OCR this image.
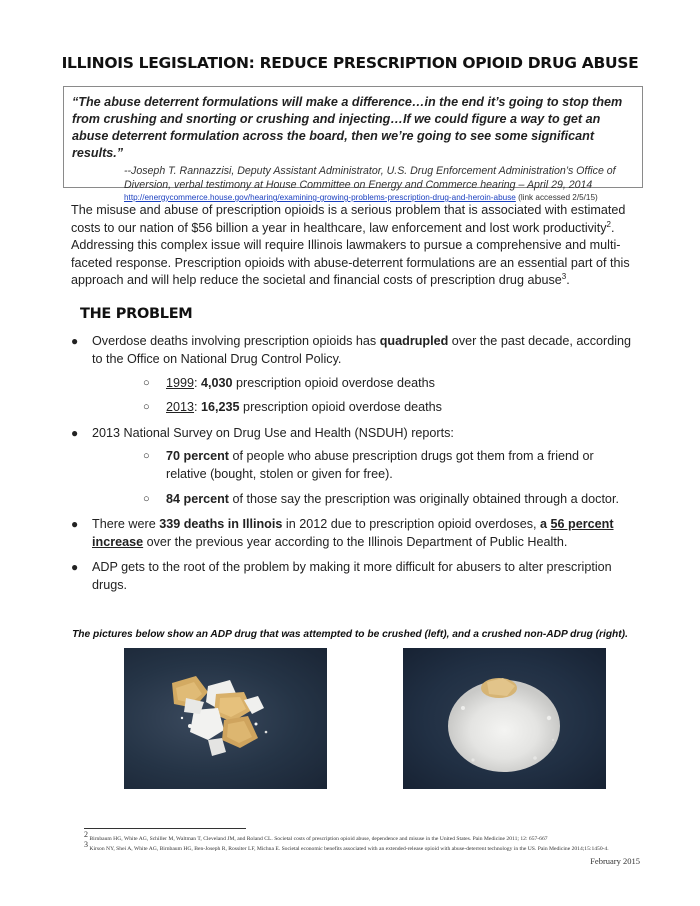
ILLINOIS LEGISLATION: REDUCE PRESCRIPTION OPIOID DRUG ABUSE
“The abuse deterrent formulations will make a difference…in the end it’s going to stop them from crushing and snorting or crushing and injecting…If we could figure a way to get an abuse deterrent formulation across the board, then we’re going to see some significant results.”
--Joseph T. Rannazzisi, Deputy Assistant Administrator, U.S. Drug Enforcement Administration’s Office of Diversion, verbal testimony at House Committee on Energy and Commerce hearing – April 29, 2014
http://energycommerce.house.gov/hearing/examining-growing-problems-prescription-drug-and-heroin-abuse (link accessed 2/5/15)
The misuse and abuse of prescription opioids is a serious problem that is associated with estimated costs to our nation of $56 billion a year in healthcare, law enforcement and lost work productivity$^2$. Addressing this complex issue will require Illinois lawmakers to pursue a comprehensive and multi-faceted response. Prescription opioids with abuse-deterrent formulations are an essential part of this approach and will help reduce the societal and financial costs of prescription drug abuse$^3$.
THE PROBLEM
● Overdose deaths involving prescription opioids has quadrupled over the past decade, according to the Office on National Drug Control Policy.
○ 1999: 4,030 prescription opioid overdose deaths
○ 2013: 16,235 prescription opioid overdose deaths
● 2013 National Survey on Drug Use and Health (NSDUH) reports:
○ 70 percent of people who abuse prescription drugs got them from a friend or relative (bought, stolen or given for free).
○ 84 percent of those say the prescription was originally obtained through a doctor.
● There were 339 deaths in Illinois in 2012 due to prescription opioid overdoses, a 56 percent increase over the previous year according to the Illinois Department of Public Health.
● ADP gets to the root of the problem by making it more difficult for abusers to alter prescription drugs.
The pictures below show an ADP drug that was attempted to be crushed (left), and a crushed non-ADP drug (right).
$^2$ Birnbaum HG, White AG, Schiller M, Waltman T, Cleveland JM, and Roland CL. Societal costs of prescription opioid abuse, dependence and misuse in the United States. Pain Medicine 2011; 12: 657-667
$^3$ Kirson NY, Shei A, White AG, Birnbaum HG, Ben-Joseph R, Rossiter LF, Michna E. Societal economic benefits associated with an extended-release opioid with abuse-deterrent technology in the US. Pain Medicine 2014;15:1450-4.
February 2015
